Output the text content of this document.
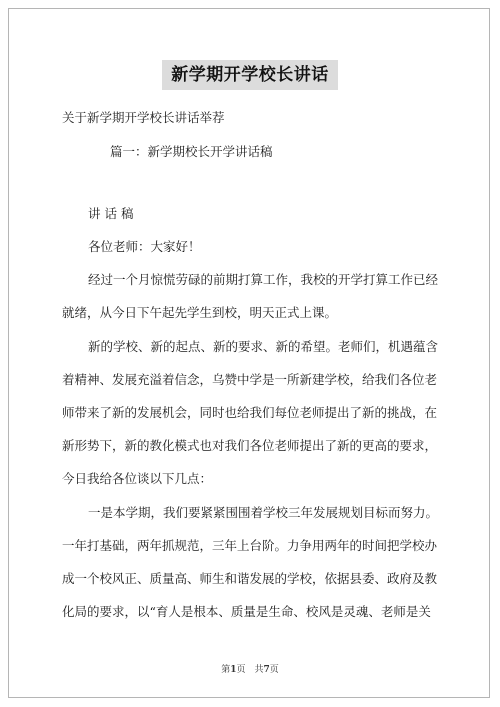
新学期开学校长讲话
关于新学期开学校长讲话举荐
篇一：新学期校长开学讲话稿
讲 话 稿
各位老师：大家好！
经过一个月惊慌劳碌的前期打算工作，我校的开学打算工作已经
就绪，从今日下午起先学生到校，明天正式上课。
新的学校、新的起点、新的要求、新的希望。老师们，机遇蕴含
着精神、发展充溢着信念，乌赞中学是一所新建学校，给我们各位老
师带来了新的发展机会，同时也给我们每位老师提出了新的挑战，在
新形势下，新的教化模式也对我们各位老师提出了新的更高的要求，
今日我给各位谈以下几点：
一是本学期，我们要紧紧围围着学校三年发展规划目标而努力。
一年打基础，两年抓规范，三年上台阶。力争用两年的时间把学校办
成一个校风正、质量高、师生和谐发展的学校，依据县委、政府及教
化局的要求，以“育人是根本、质量是生命、校风是灵魂、老师是关
第1页　共7页
